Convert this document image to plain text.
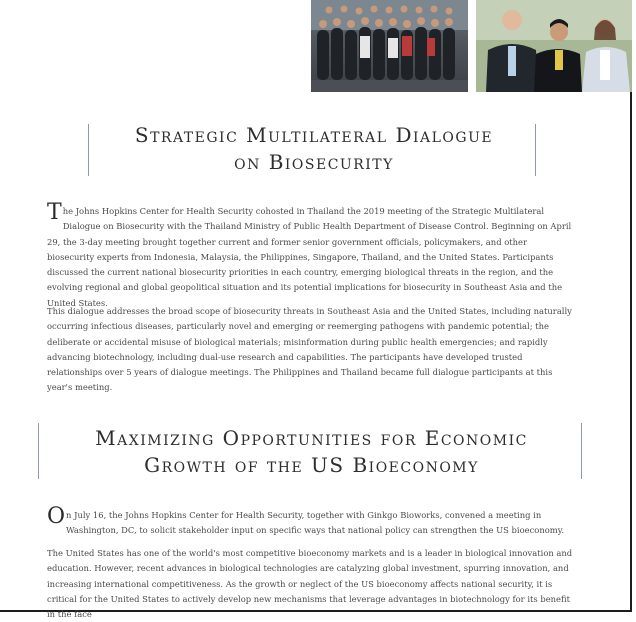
Strategic Multilateral Dialogue
on Biosecurity

The Johns Hopkins Center for Health Security cohosted in Thailand the 2019 meeting of the Strategic Multilateral Dialogue on Biosecurity with the Thailand Ministry of Public Health Department of Disease Control. Beginning on April 29, the 3-day meeting brought together current and former senior government officials, policymakers, and other biosecurity experts from Indonesia, Malaysia, the Philippines, Singapore, Thailand, and the United States. Participants discussed the current national biosecurity priorities in each country, emerging biological threats in the region, and the evolving regional and global geopolitical situation and its potential implications for biosecurity in Southeast Asia and the United States.

This dialogue addresses the broad scope of biosecurity threats in Southeast Asia and the United States, including naturally occurring infectious diseases, particularly novel and emerging or reemerging pathogens with pandemic potential; the deliberate or accidental misuse of biological materials; misinformation during public health emergencies; and rapidly advancing biotechnology, including dual-use research and capabilities. The participants have developed trusted relationships over 5 years of dialogue meetings. The Philippines and Thailand became full dialogue participants at this year's meeting.

Maximizing Opportunities for Economic
Growth of the US Bioeconomy

On July 16, the Johns Hopkins Center for Health Security, together with Ginkgo Bioworks, convened a meeting in Washington, DC, to solicit stakeholder input on specific ways that national policy can strengthen the US bioeconomy.

The United States has one of the world's most competitive bioeconomy markets and is a leader in biological innovation and education. However, recent advances in biological technologies are catalyzing global investment, spurring innovation, and increasing international competitiveness. As the growth or neglect of the US bioeconomy affects national security, it is critical for the United States to actively develop new mechanisms that leverage advantages in biotechnology for its benefit in the face
